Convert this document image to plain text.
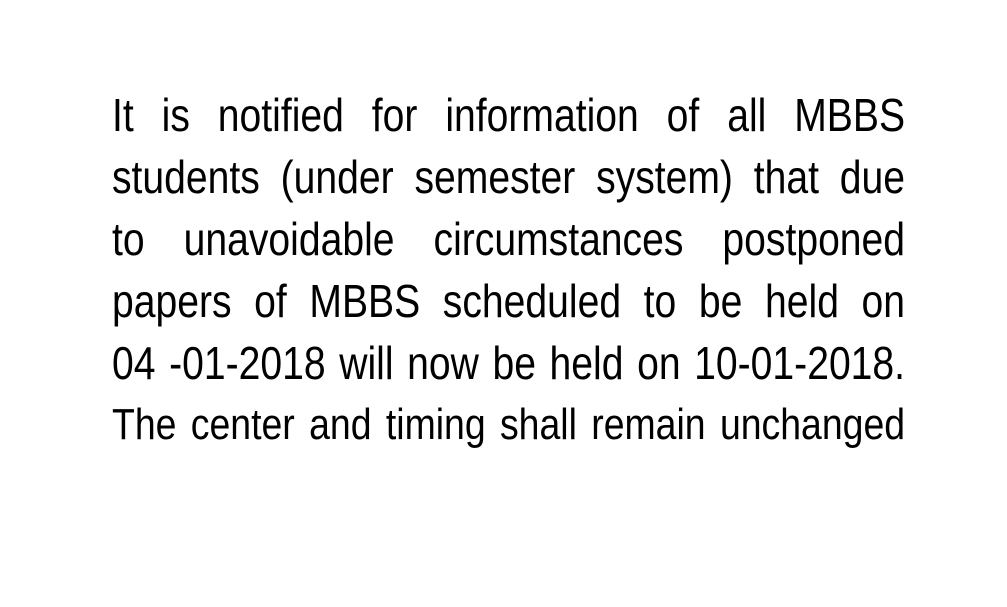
It is notified for information of all MBBS
students (under semester system) that due
to unavoidable circumstances postponed
papers of MBBS scheduled to be held on
04 -01-2018 will now be held on 10-01-2018.
The center and timing shall remain unchanged
